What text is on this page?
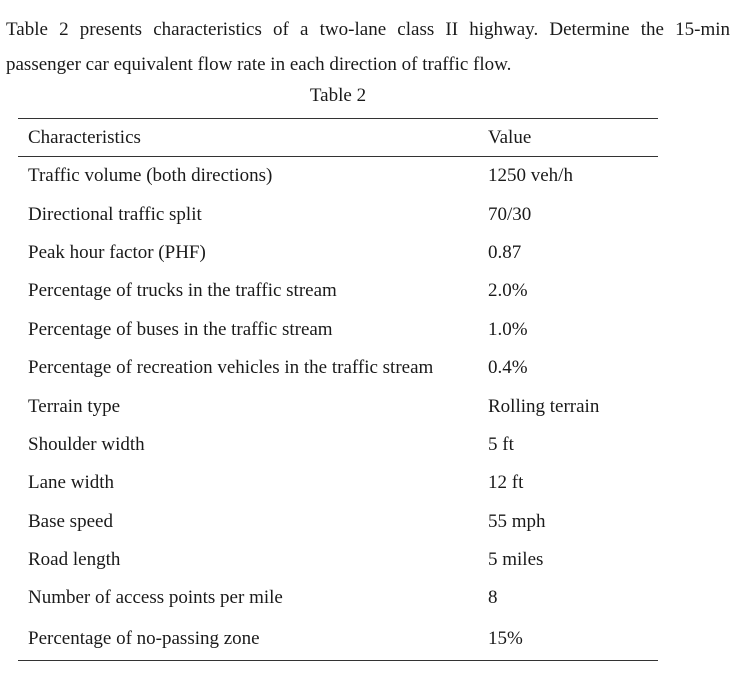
Table 2 presents characteristics of a two-lane class II highway. Determine the 15-min
passenger car equivalent flow rate in each direction of traffic flow.

Table 2
Characteristics	Value
Traffic volume (both directions)	1250 veh/h
Directional traffic split	70/30
Peak hour factor (PHF)	0.87
Percentage of trucks in the traffic stream	2.0%
Percentage of buses in the traffic stream	1.0%
Percentage of recreation vehicles in the traffic stream	0.4%
Terrain type	Rolling terrain
Shoulder width	5 ft
Lane width	12 ft
Base speed	55 mph
Road length	5 miles
Number of access points per mile	8
Percentage of no-passing zone	15%
